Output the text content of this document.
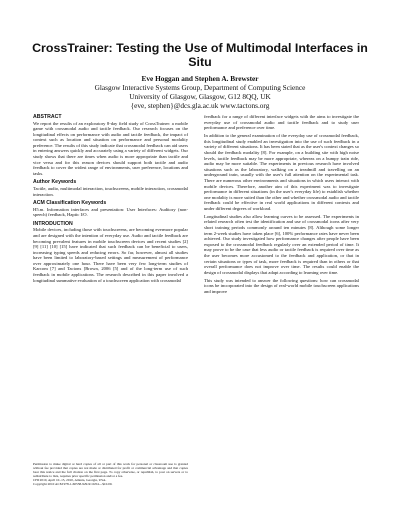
CrossTrainer: Testing the Use of Multimodal Interfaces in
Situ
Eve Hoggan and Stephen A. Brewster
Glasgow Interactive Systems Group, Department of Computing Science
University of Glasgow, Glasgow, G12 8QQ, UK
{eve, stephen}@dcs.gla.ac.uk www.tactons.org
ABSTRACT

We report the results of an exploratory 8-day field study of CrossTrainer: a mobile game with crossmodal audio and tactile feedback. Our research focuses on the longitudinal effects on performance with audio and tactile feedback, the impact of context such as location and situation on performance and personal modality preference. The results of this study indicate that crossmodal feedback can aid users in entering answers quickly and accurately using a variety of different widgets. Our study shows that there are times when audio is more appropriate than tactile and vice versa and for this reason devices should support both tactile and audio feedback to cover the widest range of environments, user preference, locations and tasks.

Author Keywords

Tactile, audio, multimodal interaction, touchscreens, mobile interaction, crossmodal interaction.

ACM Classification Keywords

H5.m. Information interfaces and presentation: User Interfaces: Auditory (non-speech) feedback, Haptic I/O.

INTRODUCTION

Mobile devices, including those with touchscreens, are becoming evermore popular and are designed with the intention of everyday use. Audio and tactile feedback are becoming prevalent features in mobile touchscreen devices and recent studies [2] [9] [11] [10] [15] have indicated that such feedback can be beneficial to users, increasing typing speeds and reducing errors. So far, however, almost all studies have been limited to laboratory-based settings and measurement of performance over approximately one hour. There have been very few long-term studies of Karcom [7] and Tactons [Brown, 2006 [5] and of the long-term use of such feedback in mobile applications. The research described in this paper involved a longitudinal summative evaluation of a touchscreen application with crossmodal

feedback for a range of different interface widgets with the aims to investigate the everyday use of crossmodal audio and tactile feedback and to study user performance and preference over time.

In addition to the general examination of the everyday use of crossmodal feedback, this longitudinal study enabled an investigation into the use of such feedback in a variety of different situations. It has been stated that as the user's context changes so should the feedback modality [8]. For example, on a building site with high noise levels, tactile feedback may be more appropriate, whereas on a bumpy train ride, audio may be more suitable. The experiments in previous research have involved situations such as the laboratory, walking on a treadmill and travelling on an underground train, usually with the user's full attention on the experimental task. There are numerous other environments and situations in which users interact with mobile devices. Therefore, another aim of this experiment was to investigate performance in different situations (in the user's everyday life) to establish whether one modality is more suited than the other and whether crossmodal audio and tactile feedback could be effective in real world applications in different contexts and under different degrees of workload.

Longitudinal studies also allow learning curves to be assessed. The experiments in related research often test the identification and use of crossmodal icons after very short training periods commonly around ten minutes [8]. Although some longer term 2-week studies have taken place [6], 100% performance rates have never been achieved. Our study investigated how performance changes after people have been exposed to the crossmodal feedback regularly over an extended period of time. It may prove to be the case that less audio or tactile feedback is required over time as the user becomes more accustomed to the feedback and application, or that in certain situations or types of task, more feedback is required than in others or that overall performance does not improve over time. The results could enable the design of crossmodal displays that adapt according to learning over time.

This study was intended to answer the following questions: how can crossmodal icons be incorporated into the design of real-world mobile touchscreen applications and improve

Permission to make digital or hard copies of all or part of this work for personal or classroom use is granted without fee provided that copies are not made or distributed for profit or commercial advantage and that copies bear this notice and the full citation on the first page. To copy otherwise, or republish, to post on servers or to redistribute to lists, requires prior specific permission and/or a fee.
CHI 2010, April 10–15, 2010, Atlanta, Georgia, USA.
Copyright 2010 ACM 978-1-60558-929-9/10/04....$10.00.
